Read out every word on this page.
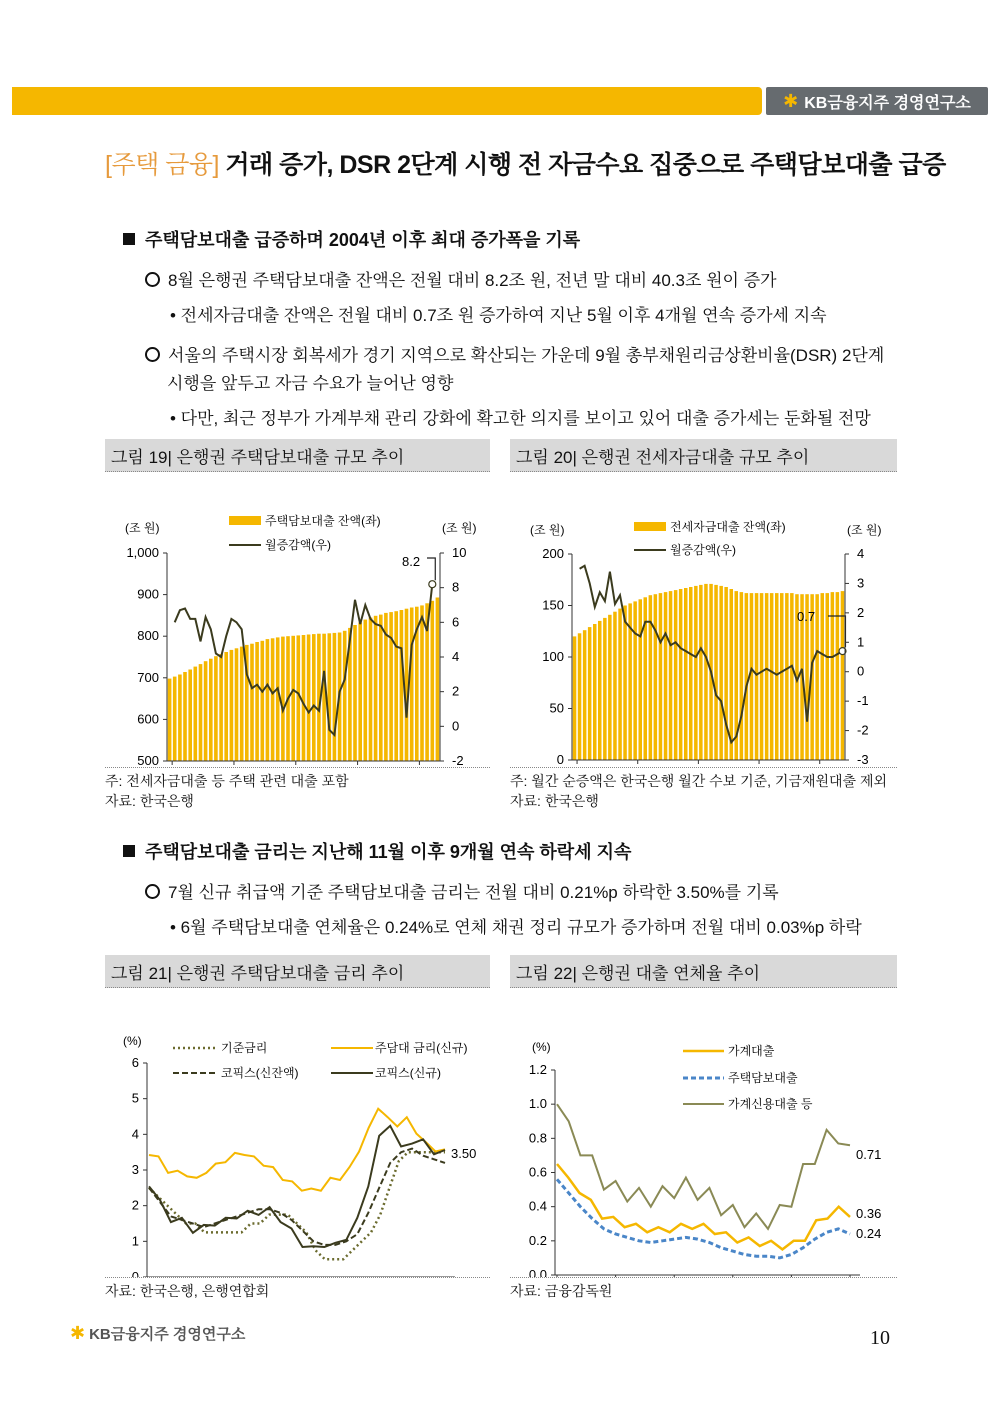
✱ KB금융지주 경영연구소
[주택 금융] 거래 증가, DSR 2단계 시행 전 자금수요 집중으로 주택담보대출 급증
주택담보대출 급증하며 2004년 이후 최대 증가폭을 기록
8월 은행권 주택담보대출 잔액은 전월 대비 8.2조 원, 전년 말 대비 40.3조 원이 증가
• 전세자금대출 잔액은 전월 대비 0.7조 원 증가하여 지난 5월 이후 4개월 연속 증가세 지속
서울의 주택시장 회복세가 경기 지역으로 확산되는 가운데 9월 총부채원리금상환비율(DSR) 2단계
시행을 앞두고 자금 수요가 늘어난 영향
• 다만, 최근 정부가 가계부채 관리 강화에 확고한 의지를 보이고 있어 대출 증가세는 둔화될 전망
그림 19| 은행권 주택담보대출 규모 추이
(조 원)	(조 원)
주택담보대출 잔액(좌)
월증감액(우)
1,000
900
800
700
600
500
10
8
6
4
2
0
-2
8.2
주: 전세자금대출 등 주택 관련 대출 포함
자료: 한국은행
그림 20| 은행권 전세자금대출 규모 추이
(조 원)	(조 원)
전세자금대출 잔액(좌)
월증감액(우)
200
150
100
50
0
4
3
2
1
0
-1
-2
-3
0.7
주: 월간 순증액은 한국은행 월간 수보 기준, 기금재원대출 제외
자료: 한국은행
주택담보대출 금리는 지난해 11월 이후 9개월 연속 하락세 지속
7월 신규 취급액 기준 주택담보대출 금리는 전월 대비 0.21%p 하락한 3.50%를 기록
• 6월 주택담보대출 연체율은 0.24%로 연체 채권 정리 규모가 증가하며 전월 대비 0.03%p 하락
그림 21| 은행권 주택담보대출 금리 추이
(%)	기준금리	주담대 금리(신규)
코픽스(신잔액)	코픽스(신규)
6
5
4
3
2
1
0
3.50
자료: 한국은행, 은행연합회
그림 22| 은행권 대출 연체율 추이
(%)	가계대출
주택담보대출
가계신용대출 등
1.2
1.0
0.8
0.6
0.4
0.2
0.0
0.71
0.36
0.24
자료: 금융감독원
✱ KB금융지주 경영연구소	10
